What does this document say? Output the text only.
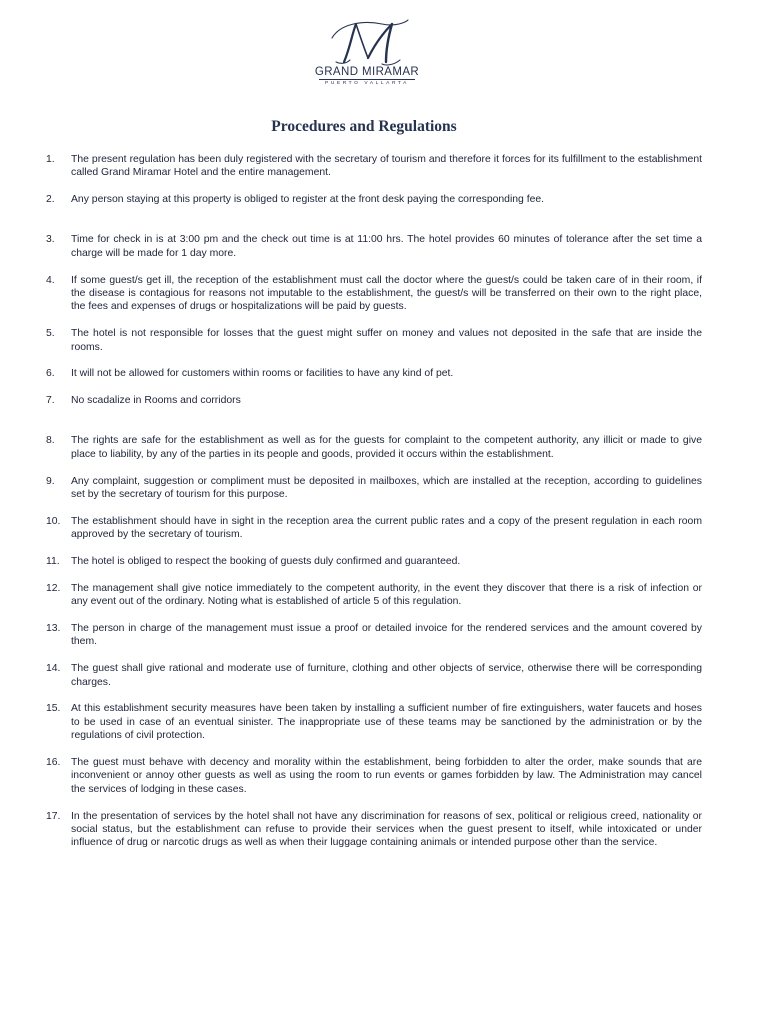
GRAND MIRAMAR
PUERTO VALLARTA
Procedures and Regulations
1. The present regulation has been duly registered with the secretary of tourism and therefore it forces for its fulfillment to the establishment called Grand Miramar Hotel and the entire management.
2. Any person staying at this property is obliged to register at the front desk paying the corresponding fee.
3. Time for check in is at 3:00 pm and the check out time is at 11:00 hrs. The hotel provides 60 minutes of tolerance after the set time a charge will be made for 1 day more.
4. If some guest/s get ill, the reception of the establishment must call the doctor where the guest/s could be taken care of in their room, if the disease is contagious for reasons not imputable to the establishment, the guest/s will be transferred on their own to the right place, the fees and expenses of drugs or hospitalizations will be paid by guests.
5. The hotel is not responsible for losses that the guest might suffer on money and values not deposited in the safe that are inside the rooms.
6. It will not be allowed for customers within rooms or facilities to have any kind of pet.
7. No scadalize in Rooms and corridors
8. The rights are safe for the establishment as well as for the guests for complaint to the competent authority, any illicit or made to give place to liability, by any of the parties in its people and goods, provided it occurs within the establishment.
9. Any complaint, suggestion or compliment must be deposited in mailboxes, which are installed at the reception, according to guidelines set by the secretary of tourism for this purpose.
10. The establishment should have in sight in the reception area the current public rates and a copy of the present regulation in each room approved by the secretary of tourism.
11. The hotel is obliged to respect the booking of guests duly confirmed and guaranteed.
12. The management shall give notice immediately to the competent authority, in the event they discover that there is a risk of infection or any event out of the ordinary. Noting what is established of article 5 of this regulation.
13. The person in charge of the management must issue a proof or detailed invoice for the rendered services and the amount covered by them.
14. The guest shall give rational and moderate use of furniture, clothing and other objects of service, otherwise there will be corresponding charges.
15. At this establishment security measures have been taken by installing a sufficient number of fire extinguishers, water faucets and hoses to be used in case of an eventual sinister. The inappropriate use of these teams may be sanctioned by the administration or by the regulations of civil protection.
16. The guest must behave with decency and morality within the establishment, being forbidden to alter the order, make sounds that are inconvenient or annoy other guests as well as using the room to run events or games forbidden by law. The Administration may cancel the services of lodging in these cases.
17. In the presentation of services by the hotel shall not have any discrimination for reasons of sex, political or religious creed, nationality or social status, but the establishment can refuse to provide their services when the guest present to itself, while intoxicated or under influence of drug or narcotic drugs as well as when their luggage containing animals or intended purpose other than the service.
